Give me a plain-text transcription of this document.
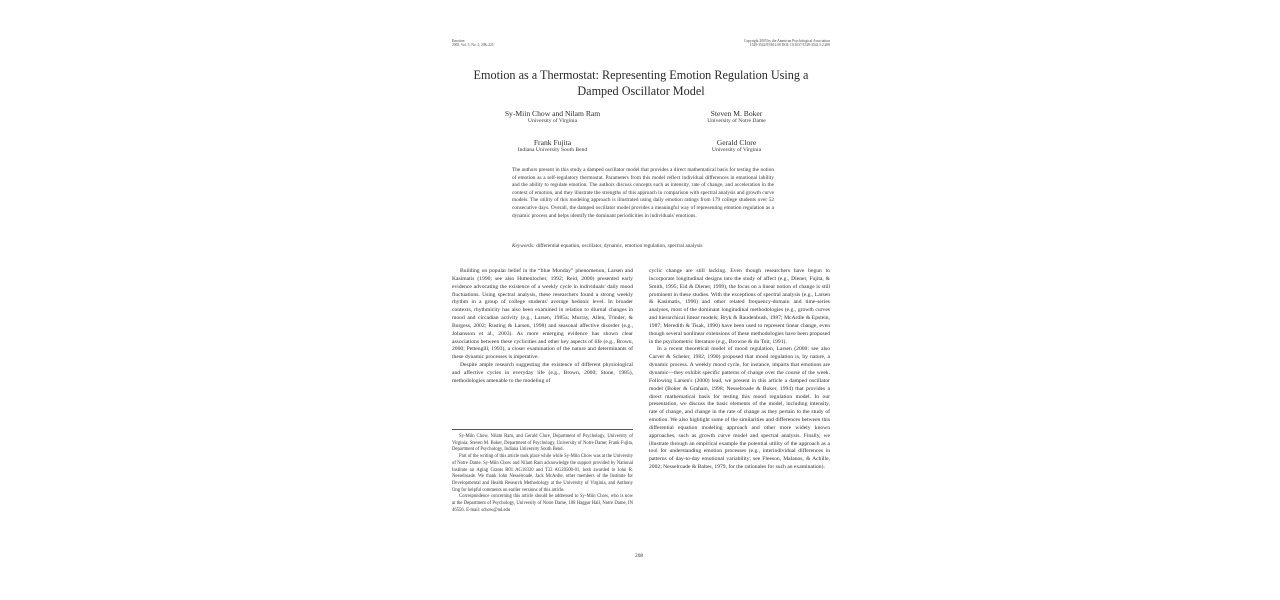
Emotion
2005, Vol. 5, No. 2, 208–225
Copyright 2005 by the American Psychological Association
1528-3542/05/$12.00 DOI: 10.1037/1528-3542.5.2.208
Emotion as a Thermostat: Representing Emotion Regulation Using a
Damped Oscillator Model
Sy-Miin Chow and Nilam Ram
University of Virginia
Steven M. Boker
University of Notre Dame
Frank Fujita
Indiana University South Bend
Gerald Clore
University of Virginia
The authors present in this study a damped oscillator model that provides a direct mathematical basis for testing the notion of emotion as a self-regulatory thermostat. Parameters from this model reflect individual differences in emotional lability and the ability to regulate emotion. The authors discuss concepts such as intensity, rate of change, and acceleration in the context of emotion, and they illustrate the strengths of this approach in comparison with spectral analysis and growth curve models. The utility of this modeling approach is illustrated using daily emotion ratings from 179 college students over 52 consecutive days. Overall, the damped oscillator model provides a meaningful way of representing emotion regulation as a dynamic process and helps identify the dominant periodicities in individuals' emotions.
Keywords: differential equation, oscillator, dynamic, emotion regulation, spectral analysis

Building on popular belief in the “blue Monday” phenomenon, Larsen and Kasimatis (1990; see also Huttenlocher, 1992; Reid, 2000) presented early evidence advocating the existence of a weekly cycle in individuals' daily mood fluctuations. Using spectral analysis, these researchers found a strong weekly rhythm in a group of college students' average hedonic level. In broader contexts, rhythmicity has also been examined in relation to diurnal changes in mood and circadian activity (e.g., Larsen, 1985a; Murray, Allen, Trinder, & Burgess, 2002; Rusting & Larsen, 1998) and seasonal affective disorder (e.g., Johansson et al., 2003). As more emerging evidence has shown clear associations between these cyclicities and other key aspects of life (e.g., Brown, 2000; Pettengill, 1993), a closer examination of the nature and determinants of these dynamic processes is imperative.

Despite ample research suggesting the existence of different physiological and affective cycles in everyday life (e.g., Brown, 2000; Stone, 1985), methodologies amenable to the modeling of

cyclic change are still lacking. Even though researchers have begun to incorporate longitudinal designs into the study of affect (e.g., Diener, Fujita, & Smith, 1995; Eid & Diener, 1999), the focus on a linear notion of change is still prominent in these studies. With the exceptions of spectral analysis (e.g., Larsen & Kasimatis, 1990) and other related frequency-domain and time-series analyses, most of the dominant longitudinal methodologies (e.g., growth curves and hierarchical linear models; Bryk & Raudenbush, 1987; McArdle & Epstein, 1987; Meredith & Tisak, 1990) have been used to represent linear change, even though several nonlinear extensions of these methodologies have been proposed in the psychometric literature (e.g., Browne & du Toit, 1991).

In a recent theoretical model of mood regulation, Larsen (2000; see also Carver & Scheier, 1982, 1990) proposed that mood regulation is, by nature, a dynamic process. A weekly mood cycle, for instance, imparts that emotions are dynamic—they exhibit specific patterns of change over the course of the week. Following Larsen's (2000) lead, we present in this article a damped oscillator model (Boker & Graham, 1998; Nesselroade & Boker, 1994) that provides a direct mathematical basis for testing this mood regulation model. In our presentation, we discuss the basic elements of the model, including intensity, rate of change, and change in the rate of change as they pertain to the study of emotion. We also highlight some of the similarities and differences between this differential equation modeling approach and other more widely known approaches, such as growth curve model and spectral analysis. Finally, we illustrate through an empirical example the potential utility of the approach as a tool for understanding emotion processes (e.g., interindividual differences in patterns of day-to-day emotional variability; see Fleeson, Malanos, & Achille, 2002; Nesselroade & Baltes, 1979, for the rationales for such an examination).

Sy-Miin Chow, Nilam Ram, and Gerald Clore, Department of Psychology, University of Virginia; Steven M. Boker, Department of Psychology, University of Notre Dame; Frank Fujita, Department of Psychology, Indiana University South Bend.

Part of the writing of this article took place while while Sy-Miin Chow was at the University of Notre Dame. Sy-Miin Chow and Nilam Ram acknowledge the support provided by National Institute on Aging Grants R01 AG18330 and T32 AG20500-01, both awarded to John R. Nesselroade. We thank John Nesselroade, Jack McArdle, other members of the Institute for Developmental and Health Research Methodology at the University of Virginia, and Anthony Ong for helpful comments on earlier versions of this article.

Correspondence concerning this article should be addressed to Sy-Miin Chow, who is now at the Department of Psychology, University of Notre Dame, 108 Haggar Hall, Notre Dame, IN 46556. E-mail: schow@nd.edu

208
